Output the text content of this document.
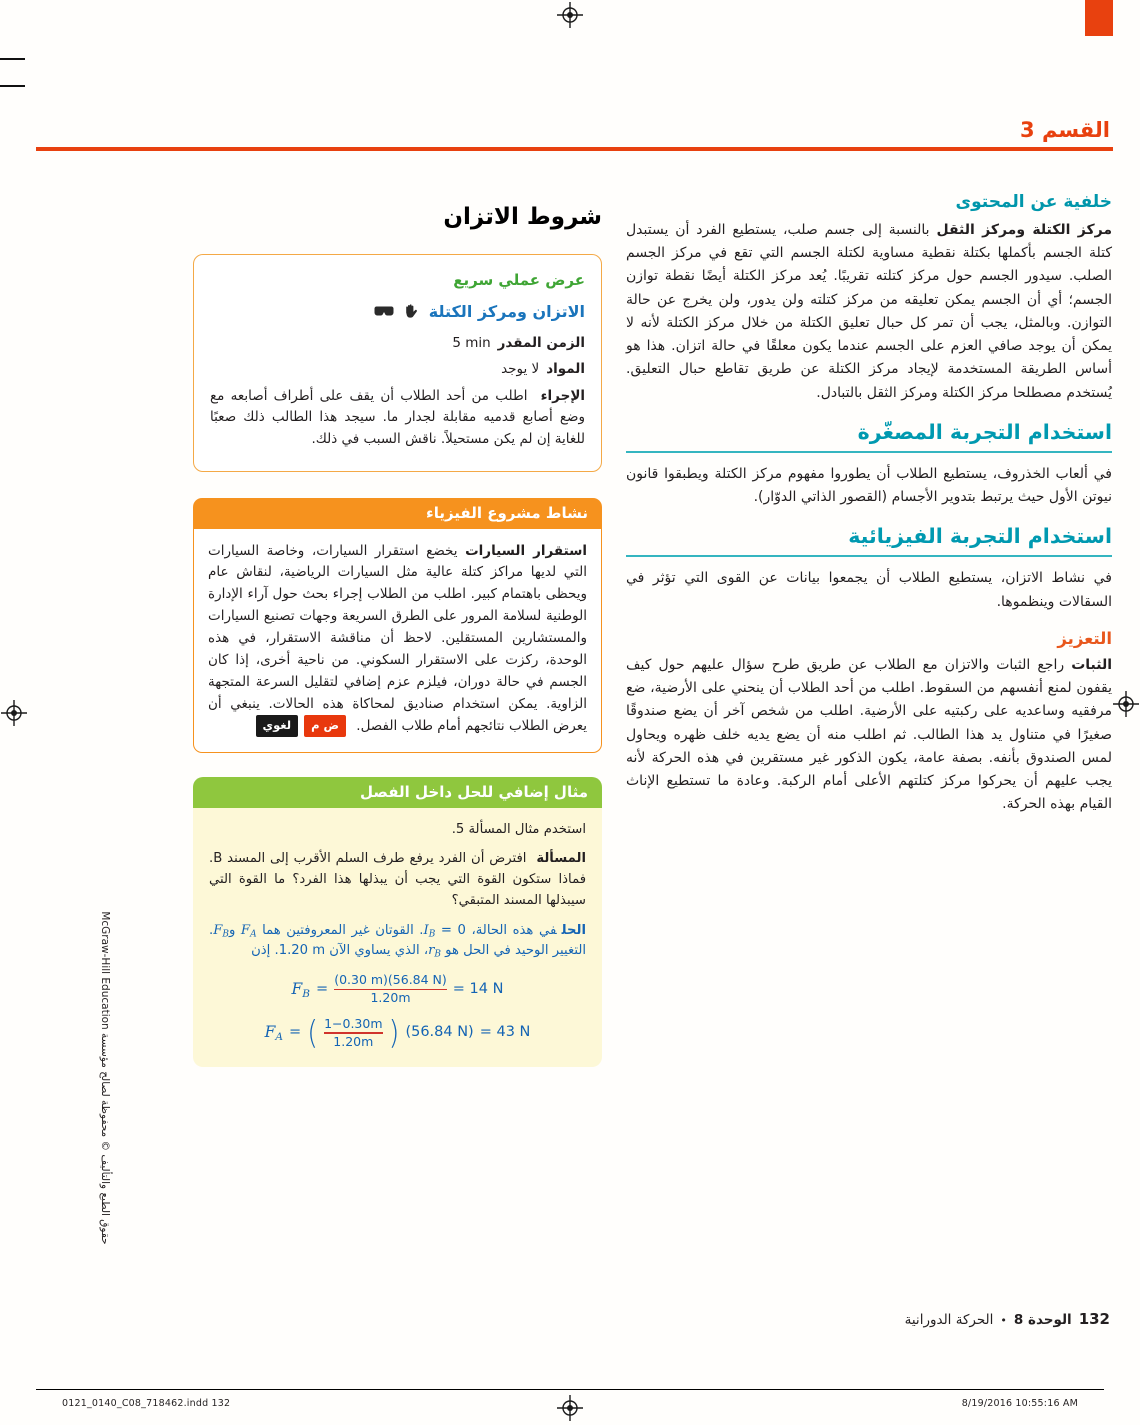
القسم 3
خلفية عن المحتوى

مركز الكتلة ومركز الثقل بالنسبة إلى جسم صلب، يستطيع الفرد أن يستبدل كتلة الجسم بأكملها بكتلة نقطية مساوية لكتلة الجسم التي تقع في مركز الجسم الصلب. سيدور الجسم حول مركز كتلته تقريبًا. يُعد مركز الكتلة أيضًا نقطة توازن الجسم؛ أي أن الجسم يمكن تعليقه من مركز كتلته ولن يدور، ولن يخرج عن حالة التوازن. وبالمثل، يجب أن تمر كل حبال تعليق الكتلة من خلال مركز الكتلة لأنه لا يمكن أن يوجد صافي العزم على الجسم عندما يكون معلقًا في حالة اتزان. هذا هو أساس الطريقة المستخدمة لإيجاد مركز الكتلة عن طريق تقاطع حبال التعليق. يُستخدم مصطلحا مركز الكتلة ومركز الثقل بالتبادل.

استخدام التجربة المصغّرة

في ألعاب الخذروف، يستطيع الطلاب أن يطوروا مفهوم مركز الكتلة ويطبقوا قانون نيوتن الأول حيث يرتبط بتدوير الأجسام (القصور الذاتي الدوّار).

استخدام التجربة الفيزيائية

في نشاط الاتزان، يستطيع الطلاب أن يجمعوا بيانات عن القوى التي تؤثر في السقالات وينظموها.

التعزيز

الثبات راجع الثبات والاتزان مع الطلاب عن طريق طرح سؤال عليهم حول كيف يقفون لمنع أنفسهم من السقوط. اطلب من أحد الطلاب أن ينحني على الأرضية، ضع مرفقيه وساعديه على ركبتيه على الأرضية. اطلب من شخص آخر أن يضع صندوقًا صغيرًا في متناول يد هذا الطالب. ثم اطلب منه أن يضع يديه خلف ظهره ويحاول لمس الصندوق بأنفه. بصفة عامة، يكون الذكور غير مستقرين في هذه الحركة لأنه يجب عليهم أن يحركوا مركز كتلتهم الأعلى أمام الركبة. وعادة ما تستطيع الإناث القيام بهذه الحركة.

شروط الاتزان
عرض عملي سريع
الاتزان ومركز الكتلة

الزمن المقدر5 min

الموادلا يوجد

الإجراء اطلب من أحد الطلاب أن يقف على أطراف أصابعه مع وضع أصابع قدميه مقابلة لجدار ما. سيجد هذا الطالب ذلك صعبًا للغاية إن لم يكن مستحيلاً. ناقش السبب في ذلك.

نشاط مشروع الفيزياء
استقرار السيارات يخضع استقرار السيارات، وخاصة السيارات التي لديها مراكز كتلة عالية مثل السيارات الرياضية، لنقاش عام ويحظى باهتمام كبير. اطلب من الطلاب إجراء بحث حول آراء الإدارة الوطنية لسلامة المرور على الطرق السريعة وجهات تصنيع السيارات والمستشارين المستقلين. لاحظ أن مناقشة الاستقرار، في هذه الوحدة، ركزت على الاستقرار السكوني. من ناحية أخرى، إذا كان الجسم في حالة دوران، فيلزم عزم إضافي لتقليل السرعة المتجهة الزاوية. يمكن استخدام صناديق لمحاكاة هذه الحالات. ينبغي أن يعرض الطلاب نتائجهم أمام طلاب الفصل. ض ملغوي
مثال إضافي للحل داخل الفصل

استخدم مثال المسألة 5.

المسألة افترض أن الفرد يرفع طرف السلم الأقرب إلى المسند B. فماذا ستكون القوة التي يجب أن يبذلها هذا الفرد؟ ما القوة التي سيبذلها المسند المتبقي؟

الحلفي هذه الحالة، $I_B = 0$. القوتان غير المعروفتين هما $F_A$ وF$_B$. التغيير الوحيد في الحل هو $r_B،$ الذي يساوي الآن 1.20 m. إذن

$F_B = \frac{(0.30 m)(56.84 N)}{1.20m} = 14$ N
$F_A$ = ( $\frac{1-0.30m}{1.20m}$ ) (56.84 N) = 43 N
حقوق الطبع والتأليف © محفوظة لصالح مؤسسة McGraw-Hill Education
132
الوحدة 8
•
الحركة الدورانية
0121_0140_C08_718462.indd 132	8/19/2016 10:55:16 AM
